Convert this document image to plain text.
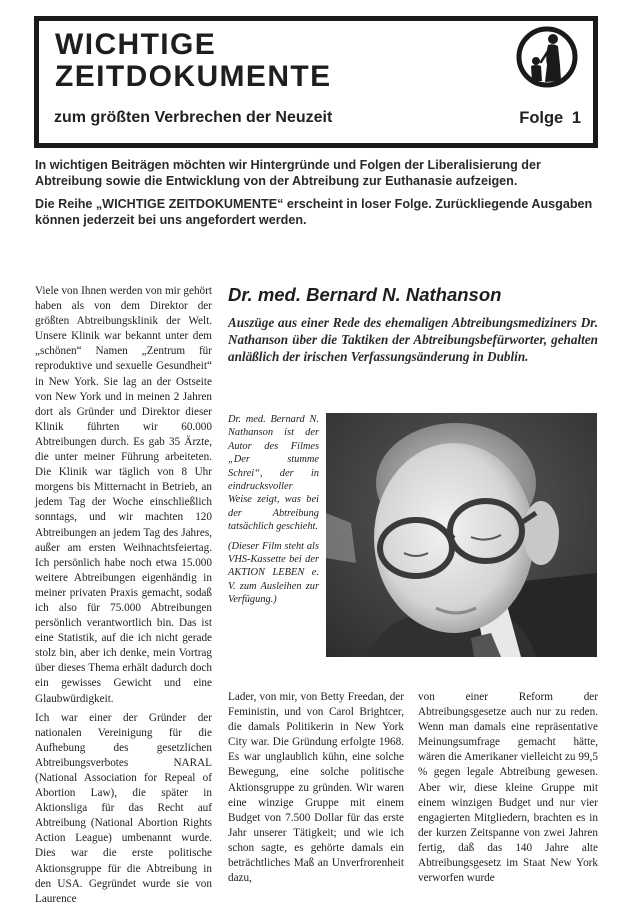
WICHTIGE
ZEITDOKUMENTE
zum größten Verbrechen der Neuzeit	Folge 1

In wichtigen Beiträgen möchten wir Hintergründe und Folgen der Liberalisierung der Abtreibung sowie die Entwicklung von der Abtreibung zur Euthanasie aufzeigen.

Die Reihe „WICHTIGE ZEITDOKUMENTE“ erscheint in loser Folge. Zurückliegende Ausgaben können jederzeit bei uns angefordert werden.

Viele von Ihnen werden von mir gehört haben als von dem Direktor der größten Abtreibungsklinik der Welt. Unsere Klinik war bekannt unter dem „schönen“ Namen „Zentrum für reproduktive und sexuelle Gesundheit“ in New York. Sie lag an der Ostseite von New York und in meinen 2 Jahren dort als Gründer und Direktor dieser Klinik führten wir 60.000 Abtreibungen durch. Es gab 35 Ärzte, die unter meiner Führung arbeiteten. Die Klinik war täglich von 8 Uhr morgens bis Mitternacht in Betrieb, an jedem Tag der Woche einschließlich sonntags, und wir machten 120 Abtreibungen an jedem Tag des Jahres, außer am ersten Weihnachtsfeiertag. Ich persönlich habe noch etwa 15.000 weitere Abtreibungen eigenhändig in meiner privaten Praxis gemacht, sodaß ich also für 75.000 Abtreibungen persönlich verantwortlich bin. Das ist eine Statistik, auf die ich nicht gerade stolz bin, aber ich denke, mein Vortrag über dieses Thema erhält dadurch doch ein gewisses Gewicht und eine Glaubwürdigkeit.

Ich war einer der Gründer der nationalen Vereinigung für die Aufhebung des gesetzlichen Abtreibungsverbotes NARAL (National Association for Repeal of Abortion Law), die später in Aktionsliga für das Recht auf Abtreibung (National Abortion Rights Action League) umbenannt wurde. Dies war die erste politische Aktionsgruppe für die Abtreibung in den USA. Gegründet wurde sie von Laurence

Dr. med. Bernard N. Nathanson
Auszüge aus einer Rede des ehemaligen Abtreibungsmediziners Dr. Nathanson über die Taktiken der Abtreibungsbefürworter, gehalten anläßlich der irischen Verfassungsänderung in Dublin.

Dr. med. Bernard N. Nathanson ist der Autor des Filmes „Der stumme Schrei“, der in eindrucksvoller Weise zeigt, was bei der Abtreibung tatsächlich geschieht.

(Dieser Film steht als VHS-Kassette bei der AKTION LEBEN e. V. zum Ausleihen zur Verfügung.)

Lader, von mir, von Betty Freedan, der Feministin, und von Carol Brightcer, die damals Politikerin in New York City war. Die Gründung erfolgte 1968. Es war unglaublich kühn, eine solche Bewegung, eine solche politische Aktionsgruppe zu gründen. Wir waren eine winzige Gruppe mit einem Budget von 7.500 Dollar für das erste Jahr unserer Tätigkeit; und wie ich schon sagte, es gehörte damals ein beträchtliches Maß an Unverfrorenheit dazu,

von einer Reform der Abtreibungsgesetze auch nur zu reden. Wenn man damals eine repräsentative Meinungsumfrage gemacht hätte, wären die Amerikaner vielleicht zu 99,5 % gegen legale Abtreibung gewesen. Aber wir, diese kleine Gruppe mit einem winzigen Budget und nur vier engagierten Mitgliedern, brachten es in der kurzen Zeitspanne von zwei Jahren fertig, daß das 140 Jahre alte Abtreibungsgesetz im Staat New York verworfen wurde
